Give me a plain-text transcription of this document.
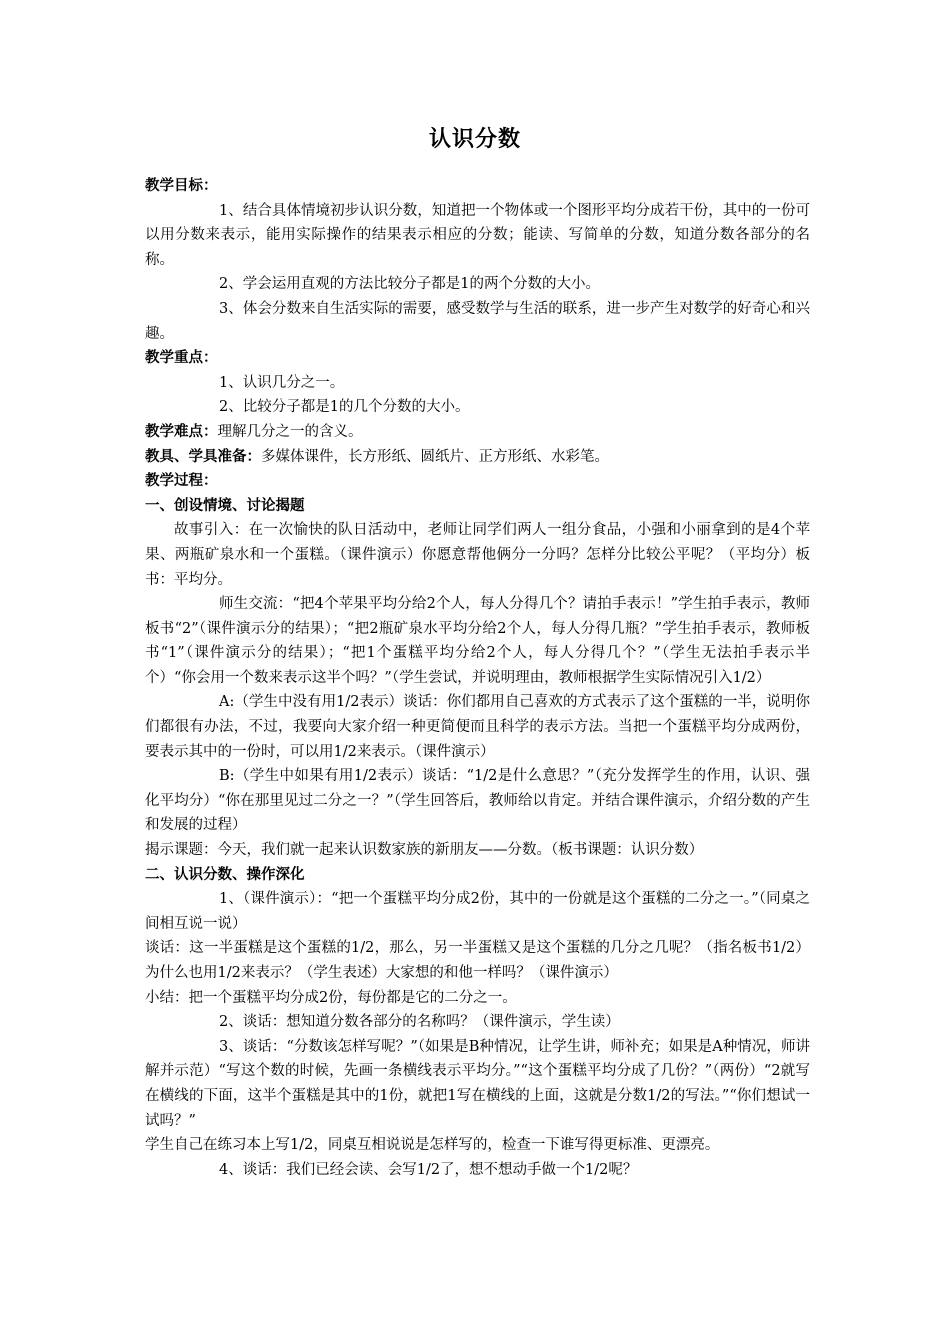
认识分数

教学目标：

1、结合具体情境初步认识分数，知道把一个物体或一个图形平均分成若干份，其中的一份可以用分数来表示，能用实际操作的结果表示相应的分数；能读、写简单的分数，知道分数各部分的名称。

2、学会运用直观的方法比较分子都是1的两个分数的大小。

3、体会分数来自生活实际的需要，感受数学与生活的联系，进一步产生对数学的好奇心和兴趣。

教学重点：

1、认识几分之一。

2、比较分子都是1的几个分数的大小。

教学难点：理解几分之一的含义。

教具、学具准备：多媒体课件，长方形纸、圆纸片、正方形纸、水彩笔。

教学过程：

一、创设情境、讨论揭题

故事引入：在一次愉快的队日活动中，老师让同学们两人一组分食品，小强和小丽拿到的是4个苹果、两瓶矿泉水和一个蛋糕。（课件演示）你愿意帮他俩分一分吗？怎样分比较公平呢？（平均分）板书：平均分。

师生交流：“把4个苹果平均分给2个人，每人分得几个？请拍手表示！”学生拍手表示，教师板书“2”（课件演示分的结果）；“把2瓶矿泉水平均分给2个人，每人分得几瓶？”学生拍手表示，教师板书“1”（课件演示分的结果）；“把1个蛋糕平均分给2个人，每人分得几个？”（学生无法拍手表示半个）“你会用一个数来表示这半个吗？”（学生尝试，并说明理由，教师根据学生实际情况引入1/2）

A:（学生中没有用1/2表示）谈话：你们都用自己喜欢的方式表示了这个蛋糕的一半，说明你们都很有办法，不过，我要向大家介绍一种更简便而且科学的表示方法。当把一个蛋糕平均分成两份，要表示其中的一份时，可以用1/2来表示。（课件演示）

B:（学生中如果有用1/2表示）谈话：“1/2是什么意思？”（充分发挥学生的作用，认识、强化平均分）“你在那里见过二分之一？”（学生回答后，教师给以肯定。并结合课件演示，介绍分数的产生和发展的过程）

揭示课题：今天，我们就一起来认识数家族的新朋友——分数。（板书课题：认识分数）

二、认识分数、操作深化

1、（课件演示）：“把一个蛋糕平均分成2份，其中的一份就是这个蛋糕的二分之一。”（同桌之间相互说一说）

谈话：这一半蛋糕是这个蛋糕的1/2，那么，另一半蛋糕又是这个蛋糕的几分之几呢？（指名板书1/2）为什么也用1/2来表示？（学生表述）大家想的和他一样吗？（课件演示）

小结：把一个蛋糕平均分成2份，每份都是它的二分之一。

2、谈话：想知道分数各部分的名称吗？（课件演示，学生读）

3、谈话：“分数该怎样写呢？”（如果是B种情况，让学生讲，师补充；如果是A种情况，师讲解并示范）“写这个数的时候，先画一条横线表示平均分。”“这个蛋糕平均分成了几份？”（两份）“2就写在横线的下面，这半个蛋糕是其中的1份，就把1写在横线的上面，这就是分数1/2的写法。”“你们想试一试吗？”

学生自己在练习本上写1/2，同桌互相说说是怎样写的，检查一下谁写得更标准、更漂亮。

4、谈话：我们已经会读、会写1/2了，想不想动手做一个1/2呢？
